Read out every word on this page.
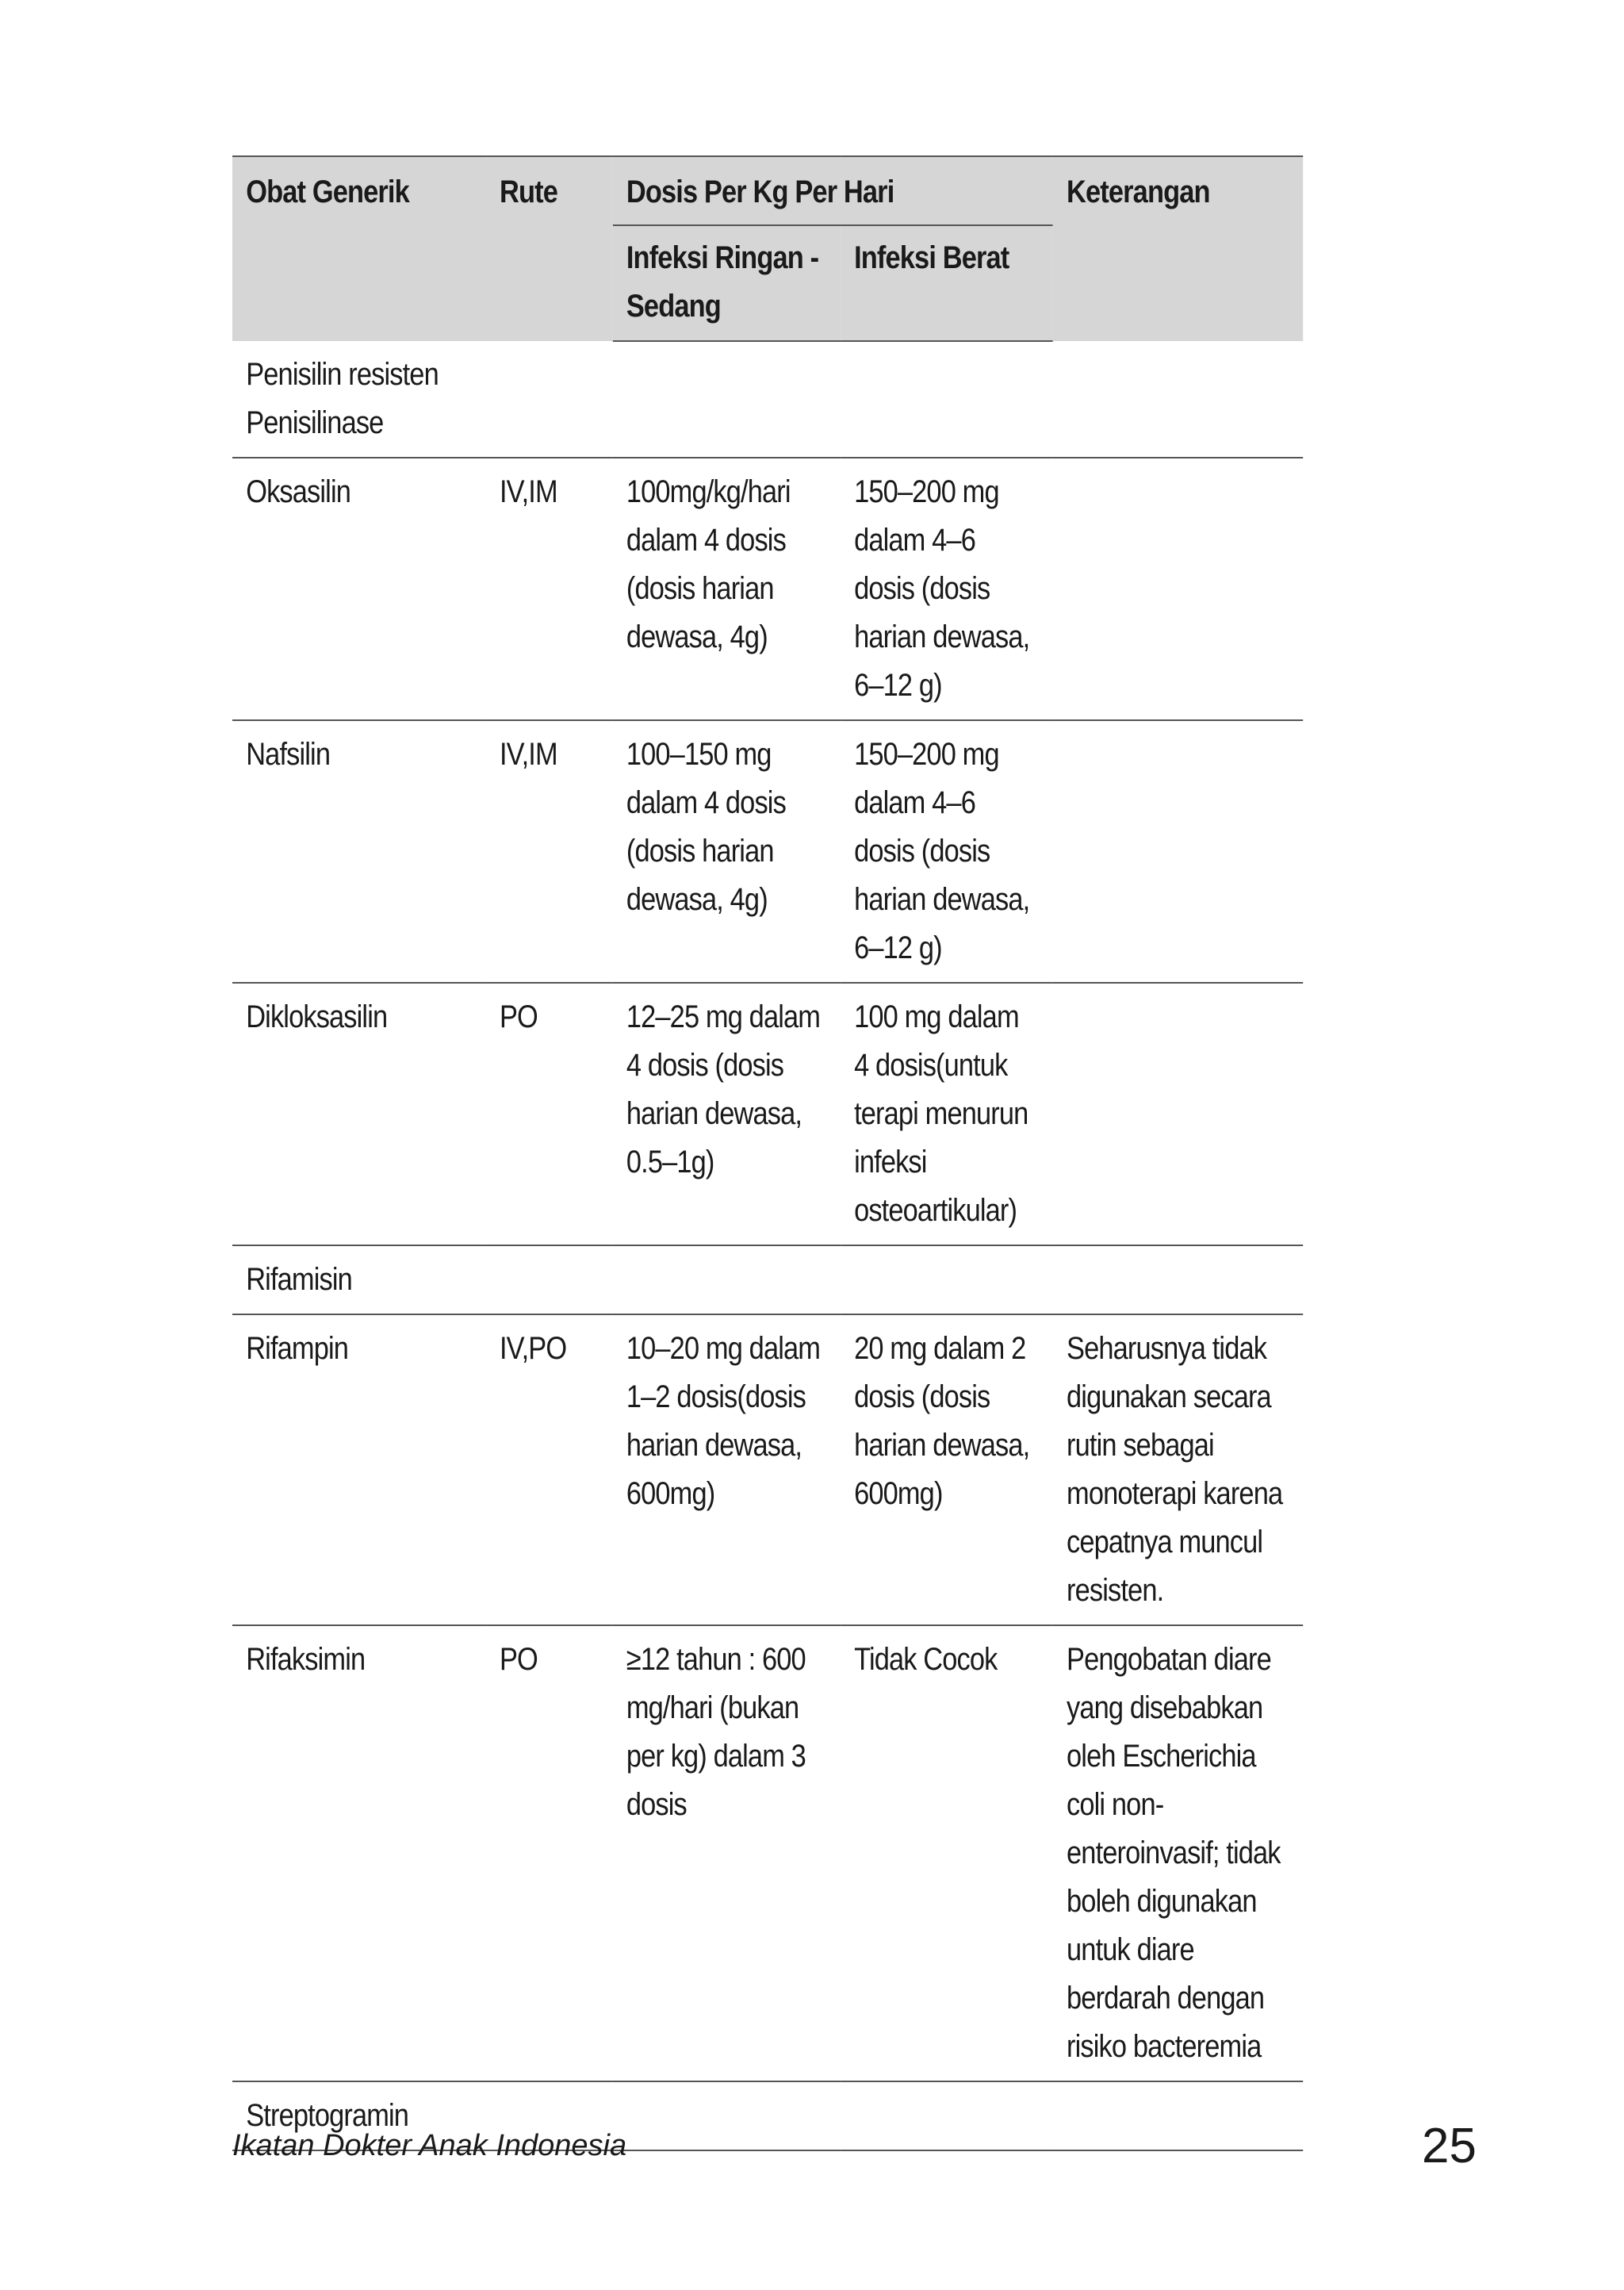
Obat Generik	Rute	Dosis Per Kg Per Hari		Keterangan
		Infeksi Ringan - Sedang	Infeksi Berat	
Penisilin resisten Penisilinase				
Oksasilin	IV,IM	100mg/kg/hari dalam 4 dosis (dosis harian dewasa, 4g)	150–200 mg dalam 4–6 dosis (dosis harian dewasa, 6–12 g)	
Nafsilin	IV,IM	100–150 mg dalam 4 dosis (dosis harian dewasa, 4g)	150–200 mg dalam 4–6 dosis (dosis harian dewasa, 6–12 g)	
Dikloksasilin	PO	12–25 mg dalam 4 dosis (dosis harian dewasa, 0.5–1g)	100 mg dalam 4 dosis(untuk terapi menurun infeksi osteoartikular)	
Rifamisin				
Rifampin	IV,PO	10–20 mg dalam 1–2 dosis(dosis harian dewasa, 600mg)	20 mg dalam 2 dosis (dosis harian dewasa, 600mg)	Seharusnya tidak digunakan secara rutin sebagai monoterapi karena cepatnya muncul resisten.
Rifaksimin	PO	≥12 tahun : 600 mg/hari (bukan per kg) dalam 3 dosis	Tidak Cocok	Pengobatan diare yang disebabkan oleh Escherichia coli non-enteroinvasif; tidak boleh digunakan untuk diare berdarah dengan risiko bacteremia
Streptogramin				
Ikatan Dokter Anak Indonesia	25
